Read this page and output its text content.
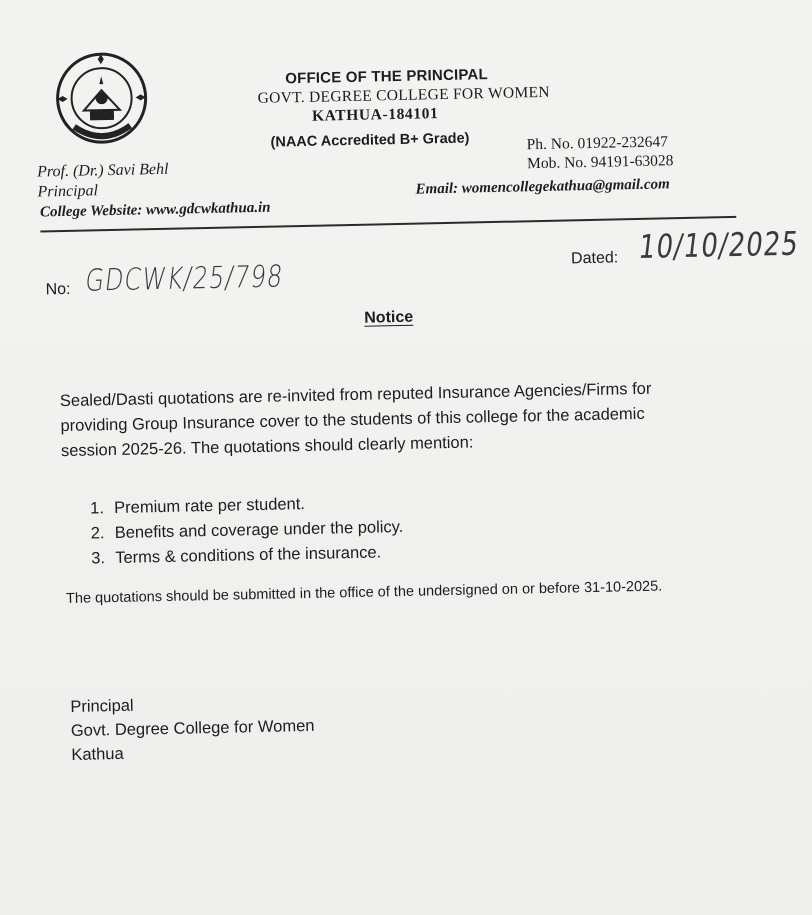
OFFICE OF THE PRINCIPAL
GOVT. DEGREE COLLEGE FOR WOMEN
KATHUA-184101
(NAAC Accredited B+ Grade)
Prof. (Dr.) Savi Behl
Principal
College Website: www.gdcwkathua.in
Ph. No. 01922-232647
Mob. No. 94191-63028
Email: womencollegekathua@gmail.com
No: GDCWK/25/798
Dated: 10/10/2025
Notice
Sealed/Dasti quotations are re-invited from reputed Insurance Agencies/Firms for
providing Group Insurance cover to the students of this college for the academic
session 2025-26. The quotations should clearly mention:
1. Premium rate per student.
2. Benefits and coverage under the policy.
3. Terms & conditions of the insurance.
The quotations should be submitted in the office of the undersigned on or before 31-10-2025.
Principal
Govt. Degree College for Women
Kathua
